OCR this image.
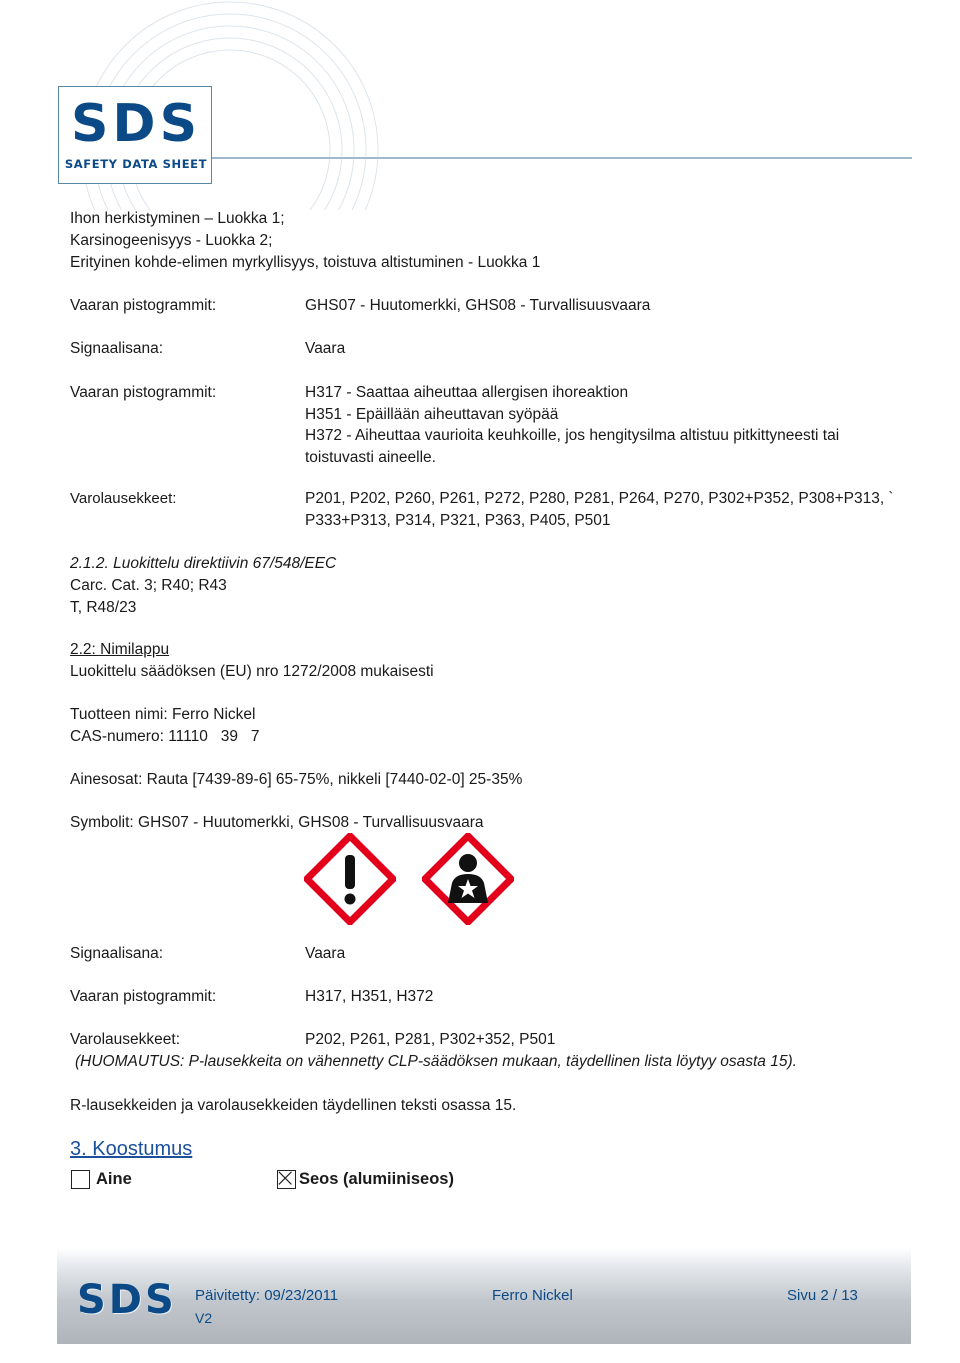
SDS
SAFETY DATA SHEET
Ihon herkistyminen – Luokka 1;
Karsinogeenisyys - Luokka 2;
Erityinen kohde-elimen myrkyllisyys, toistuva altistuminen - Luokka 1
Vaaran pistogrammit:	GHS07 - Huutomerkki, GHS08 - Turvallisuusvaara
Signaalisana:	Vaara
Vaaran pistogrammit:	H317 - Saattaa aiheuttaa allergisen ihoreaktion
H351 - Epäillään aiheuttavan syöpää
H372 - Aiheuttaa vaurioita keuhkoille, jos hengitysilma altistuu pitkittyneesti tai
toistuvasti aineelle.
Varolausekkeet:	P201, P202, P260, P261, P272, P280, P281, P264, P270, P302+P352, P308+P313, `
P333+P313, P314, P321, P363, P405, P501
2.1.2. Luokittelu direktiivin 67/548/EEC
Carc. Cat. 3; R40; R43
T, R48/23
2.2: Nimilappu
Luokittelu säädöksen (EU) nro 1272/2008 mukaisesti
Tuotteen nimi: Ferro Nickel
CAS-numero: 11110   39   7
Ainesosat: Rauta [7439-89-6] 65-75%, nikkeli [7440-02-0] 25-35%
Symbolit: GHS07 - Huutomerkki, GHS08 - Turvallisuusvaara
Signaalisana:	Vaara
Vaaran pistogrammit:	H317, H351, H372
Varolausekkeet:	P202, P261, P281, P302+352, P501
(HUOMAUTUS: P-lausekkeita on vähennetty CLP-säädöksen mukaan, täydellinen lista löytyy osasta 15).
R-lausekkeiden ja varolausekkeiden täydellinen teksti osassa 15.
3. Koostumus
Aine	Seos (alumiiniseos)
SDS Päivitetty: 09/23/2011
V2
Ferro Nickel	Sivu 2 / 13
